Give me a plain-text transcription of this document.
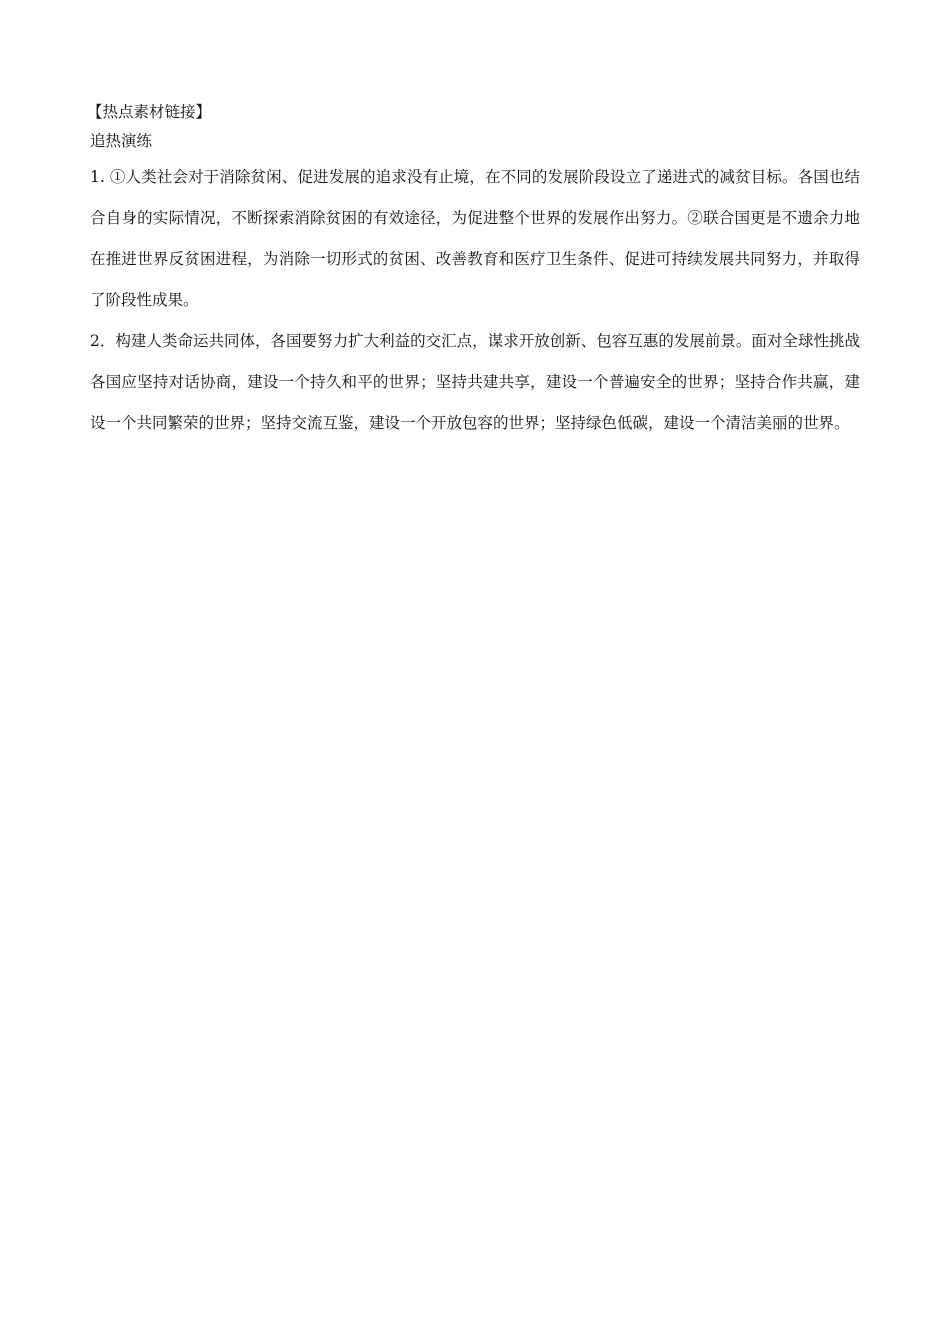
【热点素材链接】

追热演练

1. ①人类社会对于消除贫闲、促进发展的追求没有止境，在不同的发展阶段设立了递进式的减贫目标。各国也结合自身的实际情况，不断探索消除贫困的有效途径，为促进整个世界的发展作出努力。②联合国更是不遗余力地在推进世界反贫困进程，为消除一切形式的贫困、改善教育和医疗卫生条件、促进可持续发展共同努力，并取得了阶段性成果。

2．构建人类命运共同体，各国要努力扩大利益的交汇点，谋求开放创新、包容互惠的发展前景。面对全球性挑战各国应坚持对话协商，建设一个持久和平的世界；坚持共建共享，建设一个普遍安全的世界；坚持合作共赢，建设一个共同繁荣的世界；坚持交流互鉴，建设一个开放包容的世界；坚持绿色低碳，建设一个清洁美丽的世界。
